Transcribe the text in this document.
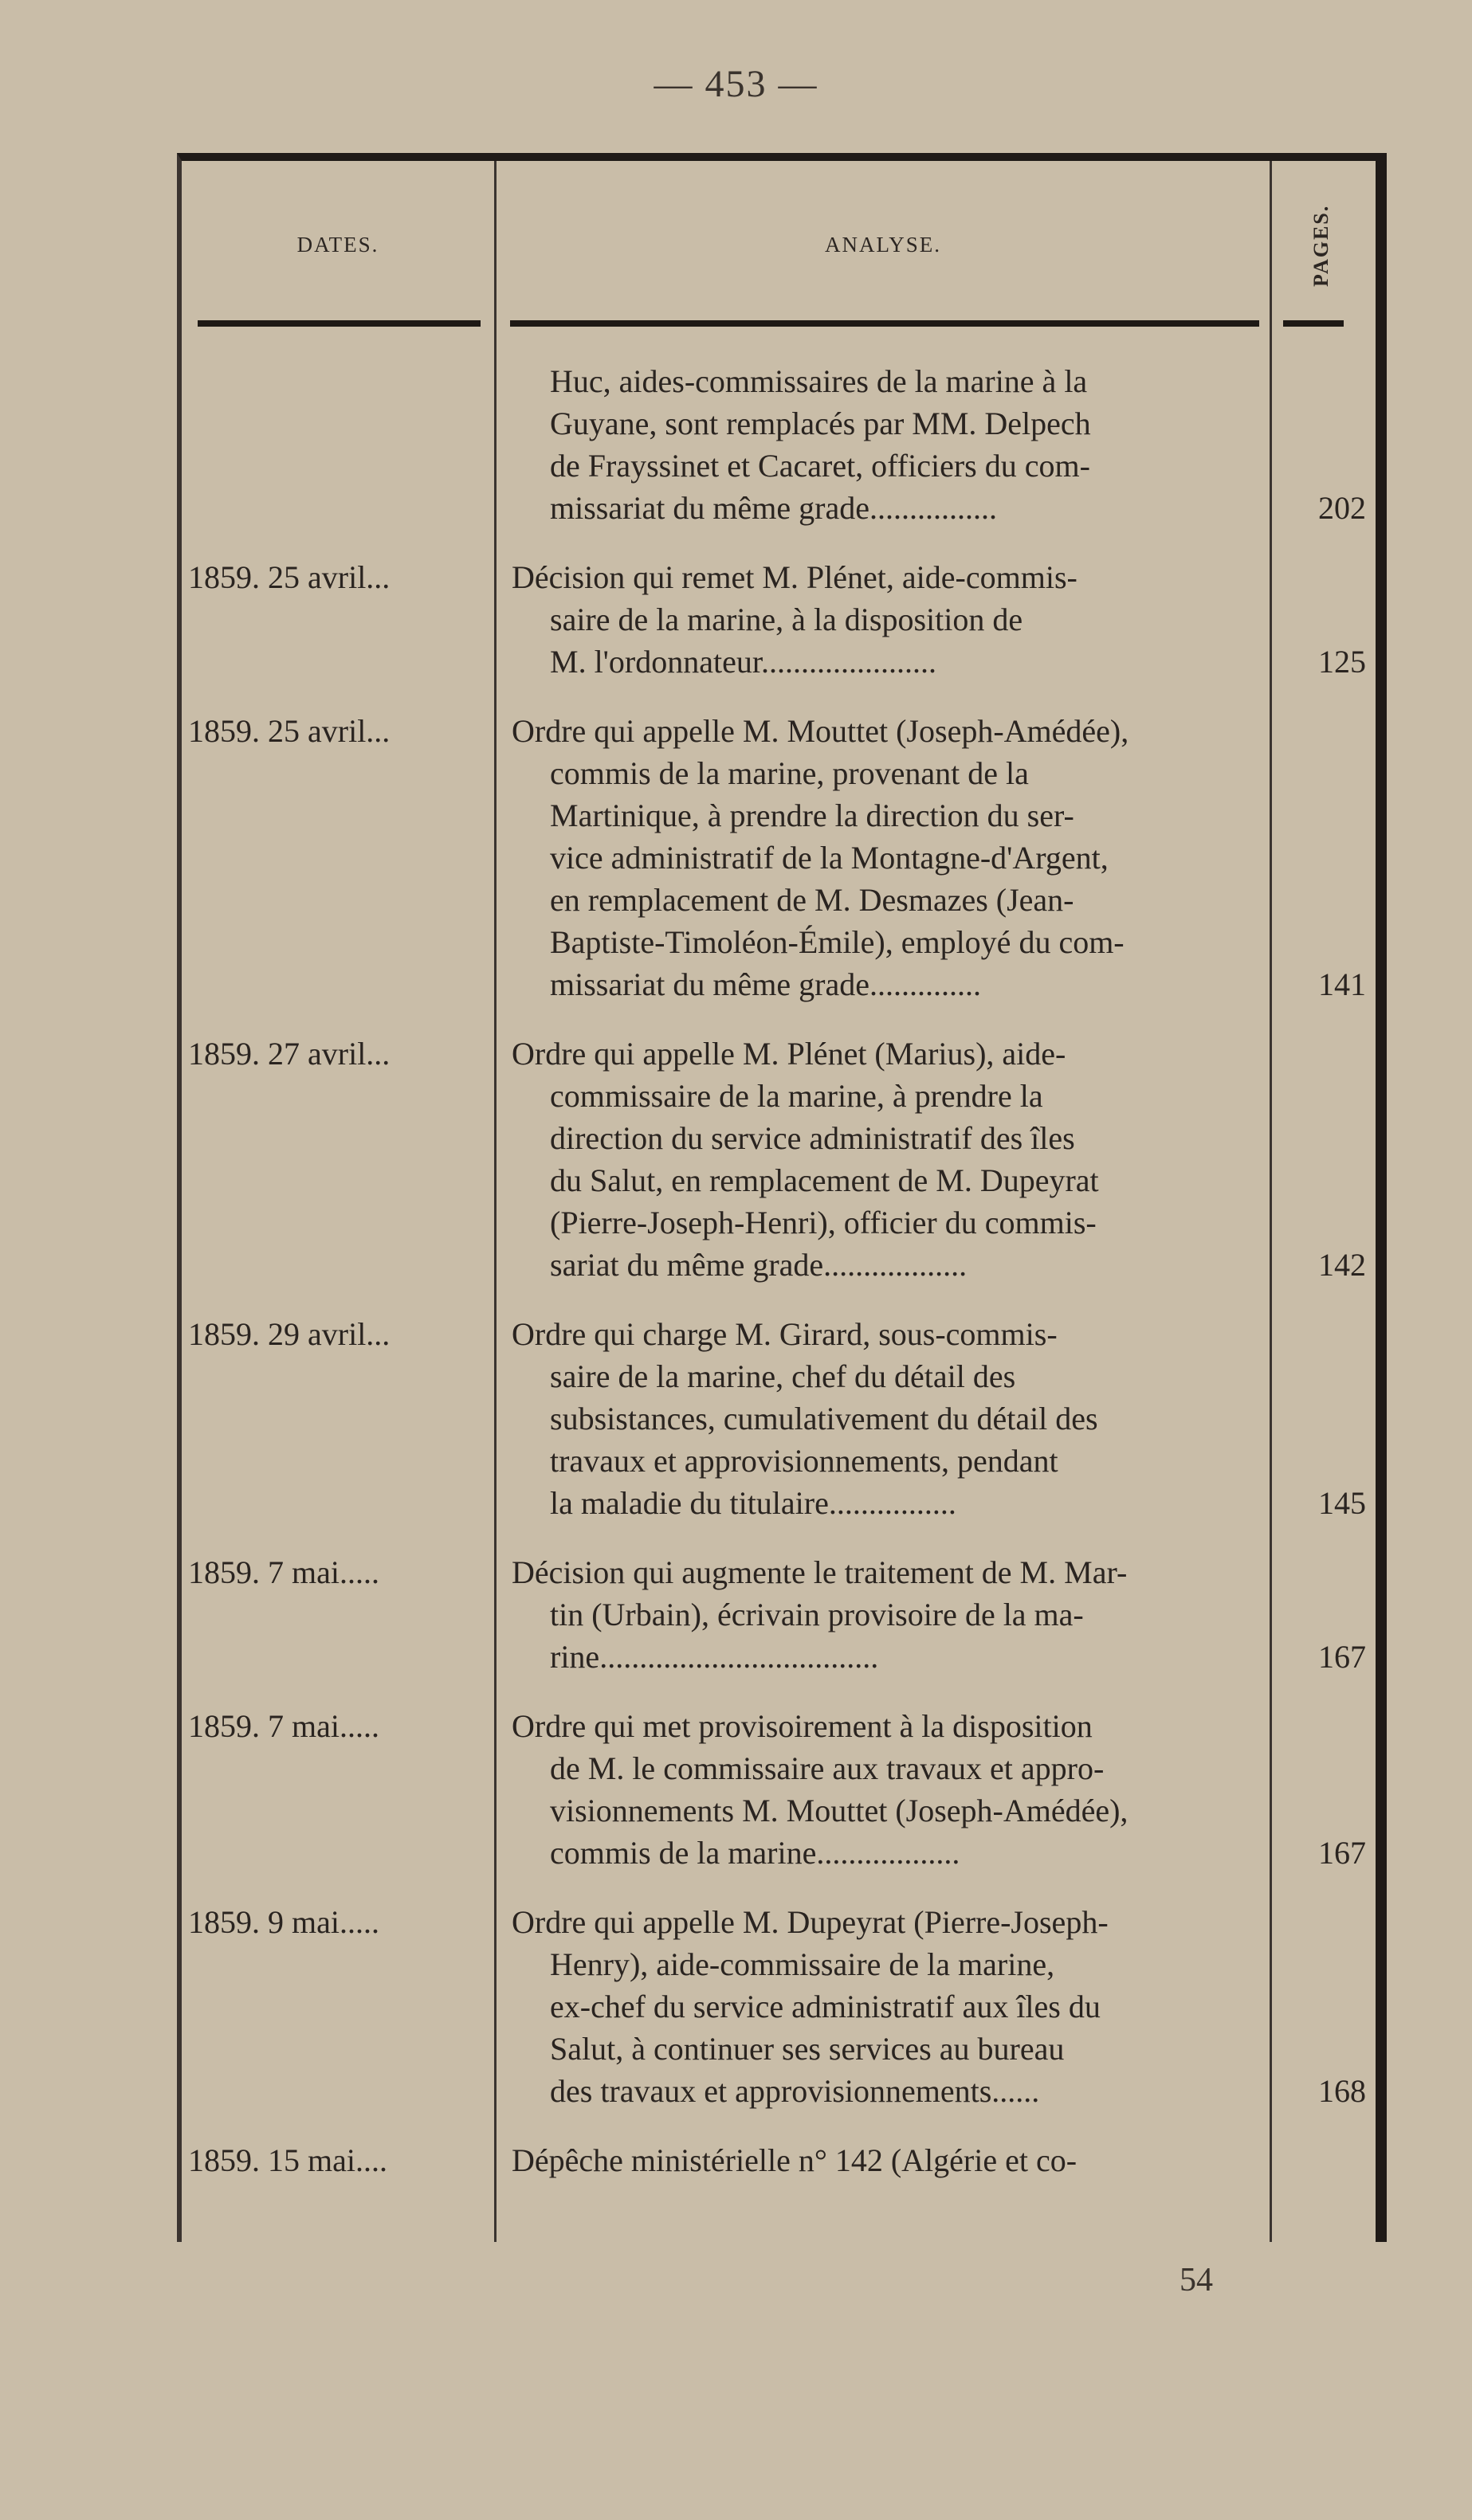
— 453 —
DATES.	ANALYSE.	PAGES.
Huc, aides-commissaires de la marine à la
Guyane, sont remplacés par MM. Delpech
de Frayssinet et Cacaret, officiers du com-
missariat du même grade................	202
1859. 25 avril...	Décision qui remet M. Plénet, aide-commis-
saire de la marine, à la disposition de
M. l'ordonnateur......................	125
1859. 25 avril...	Ordre qui appelle M. Mouttet (Joseph-Amédée),
commis de la marine, provenant de la
Martinique, à prendre la direction du ser-
vice administratif de la Montagne-d'Argent,
en remplacement de M. Desmazes (Jean-
Baptiste-Timoléon-Émile), employé du com-
missariat du même grade..............	141
1859. 27 avril...	Ordre qui appelle M. Plénet (Marius), aide-
commissaire de la marine, à prendre la
direction du service administratif des îles
du Salut, en remplacement de M. Dupeyrat
(Pierre-Joseph-Henri), officier du commis-
sariat du même grade..................	142
1859. 29 avril...	Ordre qui charge M. Girard, sous-commis-
saire de la marine, chef du détail des
subsistances, cumulativement du détail des
travaux et approvisionnements, pendant
la maladie du titulaire................	145
1859. 7 mai.....	Décision qui augmente le traitement de M. Mar-
tin (Urbain), écrivain provisoire de la ma-
rine...................................	167
1859. 7 mai.....	Ordre qui met provisoirement à la disposition
de M. le commissaire aux travaux et appro-
visionnements M. Mouttet (Joseph-Amédée),
commis de la marine..................	167
1859. 9 mai.....	Ordre qui appelle M. Dupeyrat (Pierre-Joseph-
Henry), aide-commissaire de la marine,
ex-chef du service administratif aux îles du
Salut, à continuer ses services au bureau
des travaux et approvisionnements......	168
1859. 15 mai....	Dépêche ministérielle n° 142 (Algérie et co-
54
